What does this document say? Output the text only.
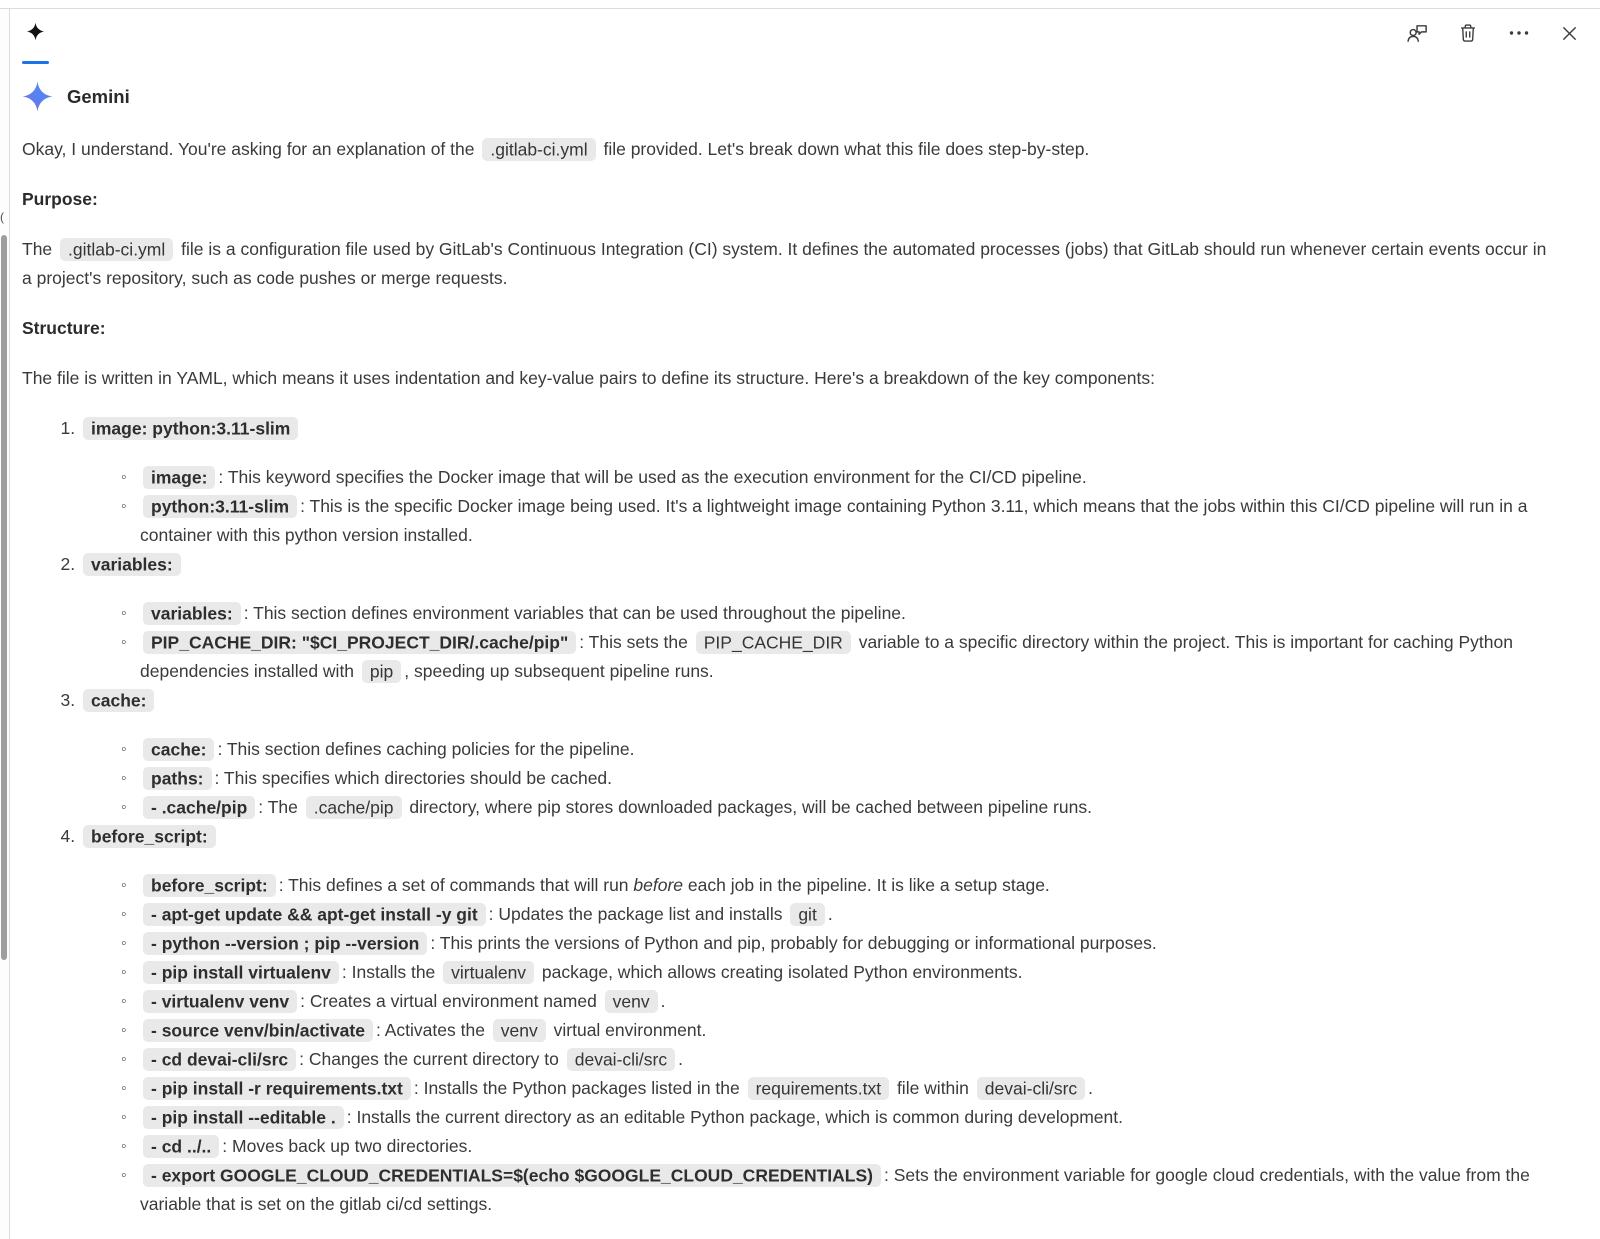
(
Gemini

Okay, I understand. You're asking for an explanation of the .gitlab-ci.yml file provided. Let's break down what this file does step-by-step.

Purpose:

The .gitlab-ci.yml file is a configuration file used by GitLab's Continuous Integration (CI) system. It defines the automated processes (jobs) that GitLab should run whenever certain events occur in a project's repository, such as code pushes or merge requests.

Structure:

The file is written in YAML, which means it uses indentation and key-value pairs to define its structure. Here's a breakdown of the key components:

1. image: python:3.11-slim
◦ image: : This keyword specifies the Docker image that will be used as the execution environment for the CI/CD pipeline.
◦ python:3.11-slim : This is the specific Docker image being used. It's a lightweight image containing Python 3.11, which means that the jobs within this CI/CD pipeline will run in a container with this python version installed.
2. variables:
◦ variables: : This section defines environment variables that can be used throughout the pipeline.
◦ PIP_CACHE_DIR: "$CI_PROJECT_DIR/.cache/pip" : This sets the PIP_CACHE_DIR variable to a specific directory within the project. This is important for caching Python dependencies installed with pip , speeding up subsequent pipeline runs.
3. cache:
◦ cache: : This section defines caching policies for the pipeline.
◦ paths: : This specifies which directories should be cached.
◦ - .cache/pip : The .cache/pip directory, where pip stores downloaded packages, will be cached between pipeline runs.
4. before_script:
◦ before_script: : This defines a set of commands that will run before each job in the pipeline. It is like a setup stage.
◦ - apt-get update && apt-get install -y git : Updates the package list and installs git .
◦ - python --version ; pip --version : This prints the versions of Python and pip, probably for debugging or informational purposes.
◦ - pip install virtualenv : Installs the virtualenv package, which allows creating isolated Python environments.
◦ - virtualenv venv : Creates a virtual environment named venv .
◦ - source venv/bin/activate : Activates the venv virtual environment.
◦ - cd devai-cli/src : Changes the current directory to devai-cli/src .
◦ - pip install -r requirements.txt : Installs the Python packages listed in the requirements.txt file within devai-cli/src .
◦ - pip install --editable . : Installs the current directory as an editable Python package, which is common during development.
◦ - cd ../.. : Moves back up two directories.
◦ - export GOOGLE_CLOUD_CREDENTIALS=$(echo $GOOGLE_CLOUD_CREDENTIALS) : Sets the environment variable for google cloud credentials, with the value from the variable that is set on the gitlab ci/cd settings.
